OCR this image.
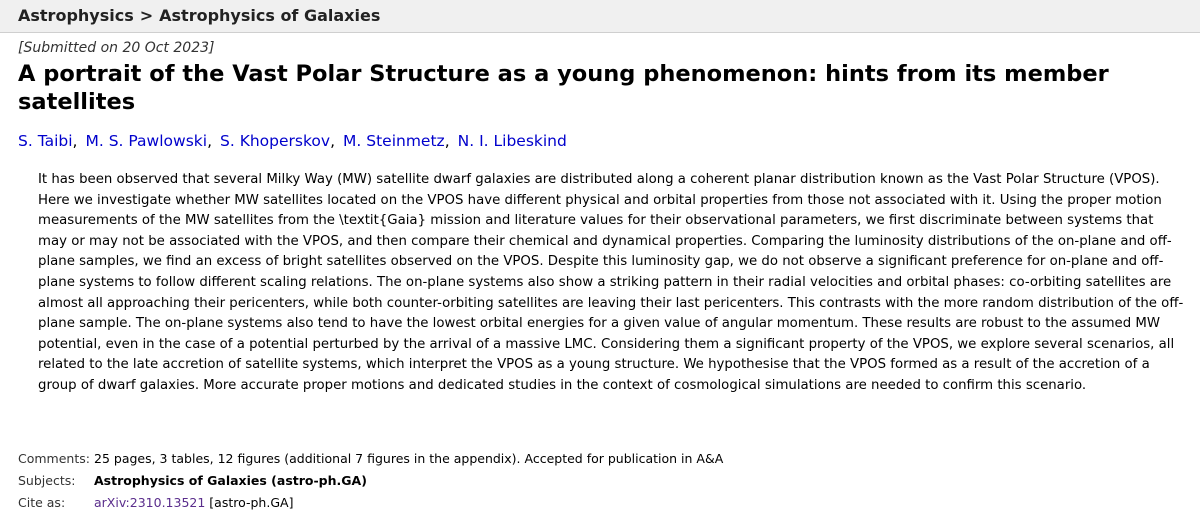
Astrophysics > Astrophysics of Galaxies
[Submitted on 20 Oct 2023]
A portrait of the Vast Polar Structure as a young phenomenon: hints from its member satellites
S. Taibi, M. S. Pawlowski, S. Khoperskov, M. Steinmetz, N. I. Libeskind
It has been observed that several Milky Way (MW) satellite dwarf galaxies are distributed along a coherent planar distribution known as the Vast Polar Structure (VPOS). Here we investigate whether MW satellites located on the VPOS have different physical and orbital properties from those not associated with it. Using the proper motion measurements of the MW satellites from the \textit{Gaia} mission and literature values for their observational parameters, we first discriminate between systems that may or may not be associated with the VPOS, and then compare their chemical and dynamical properties. Comparing the luminosity distributions of the on-plane and off-plane samples, we find an excess of bright satellites observed on the VPOS. Despite this luminosity gap, we do not observe a significant preference for on-plane and off-plane systems to follow different scaling relations. The on-plane systems also show a striking pattern in their radial velocities and orbital phases: co-orbiting satellites are almost all approaching their pericenters, while both counter-orbiting satellites are leaving their last pericenters. This contrasts with the more random distribution of the off-plane sample. The on-plane systems also tend to have the lowest orbital energies for a given value of angular momentum. These results are robust to the assumed MW potential, even in the case of a potential perturbed by the arrival of a massive LMC. Considering them a significant property of the VPOS, we explore several scenarios, all related to the late accretion of satellite systems, which interpret the VPOS as a young structure. We hypothesise that the VPOS formed as a result of the accretion of a group of dwarf galaxies. More accurate proper motions and dedicated studies in the context of cosmological simulations are needed to confirm this scenario.
Comments: 25 pages, 3 tables, 12 figures (additional 7 figures in the appendix). Accepted for publication in A&A
Subjects:	Astrophysics of Galaxies (astro-ph.GA)
Cite as:	arXiv:2310.13521 [astro-ph.GA]
